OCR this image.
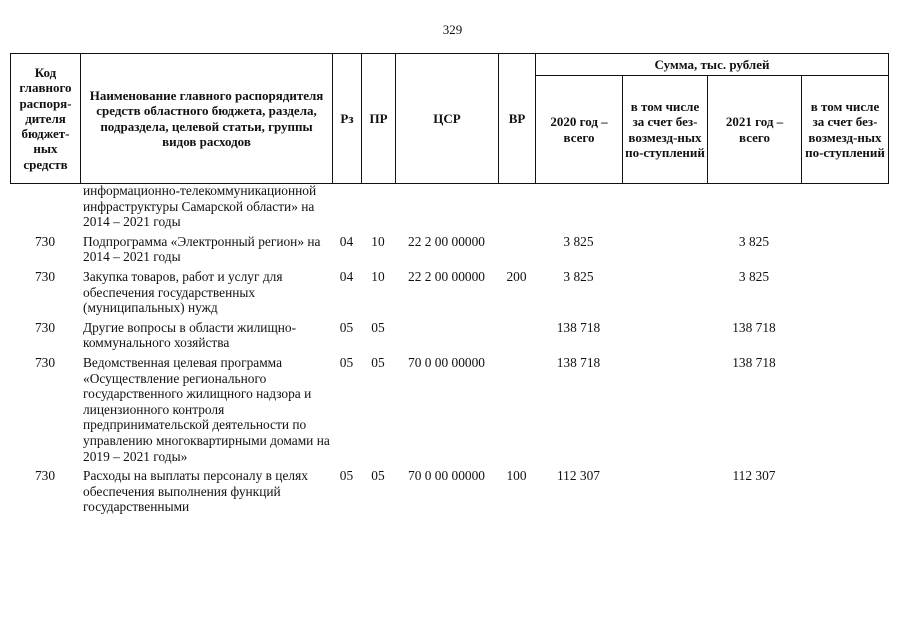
329
Код главного распоря-дителя бюджет-ных средств	Наименование главного распорядителя средств областного бюджета, раздела, подраздела, целевой статьи, группы видов расходов	Рз	ПР	ЦСР	ВР	Сумма, тыс. рублей			
						2020 год – всего	в том числе за счет без-возмезд-ных по-ступлений	2021 год – всего	в том числе за счет без-возмезд-ных по-ступлений
	информационно-телекоммуникационной инфраструктуры Самарской области» на 2014 – 2021 годы								
730	Подпрограмма «Электронный регион» на 2014 – 2021 годы	04	10	22 2 00 00000		3 825		3 825	
730	Закупка товаров, работ и услуг для обеспечения государственных (муниципальных) нужд	04	10	22 2 00 00000	200	3 825		3 825	
730	Другие вопросы в области жилищно-коммунального хозяйства	05	05			138 718		138 718	
730	Ведомственная целевая программа «Осуществление регионального государственного жилищного надзора и лицензионного контроля предпринимательской деятельности по управлению многоквартирными домами на 2019 – 2021 годы»	05	05	70 0 00 00000		138 718		138 718	
730	Расходы на выплаты персоналу в целях обеспечения выполнения функций государственными	05	05	70 0 00 00000	100	112 307		112 307	
